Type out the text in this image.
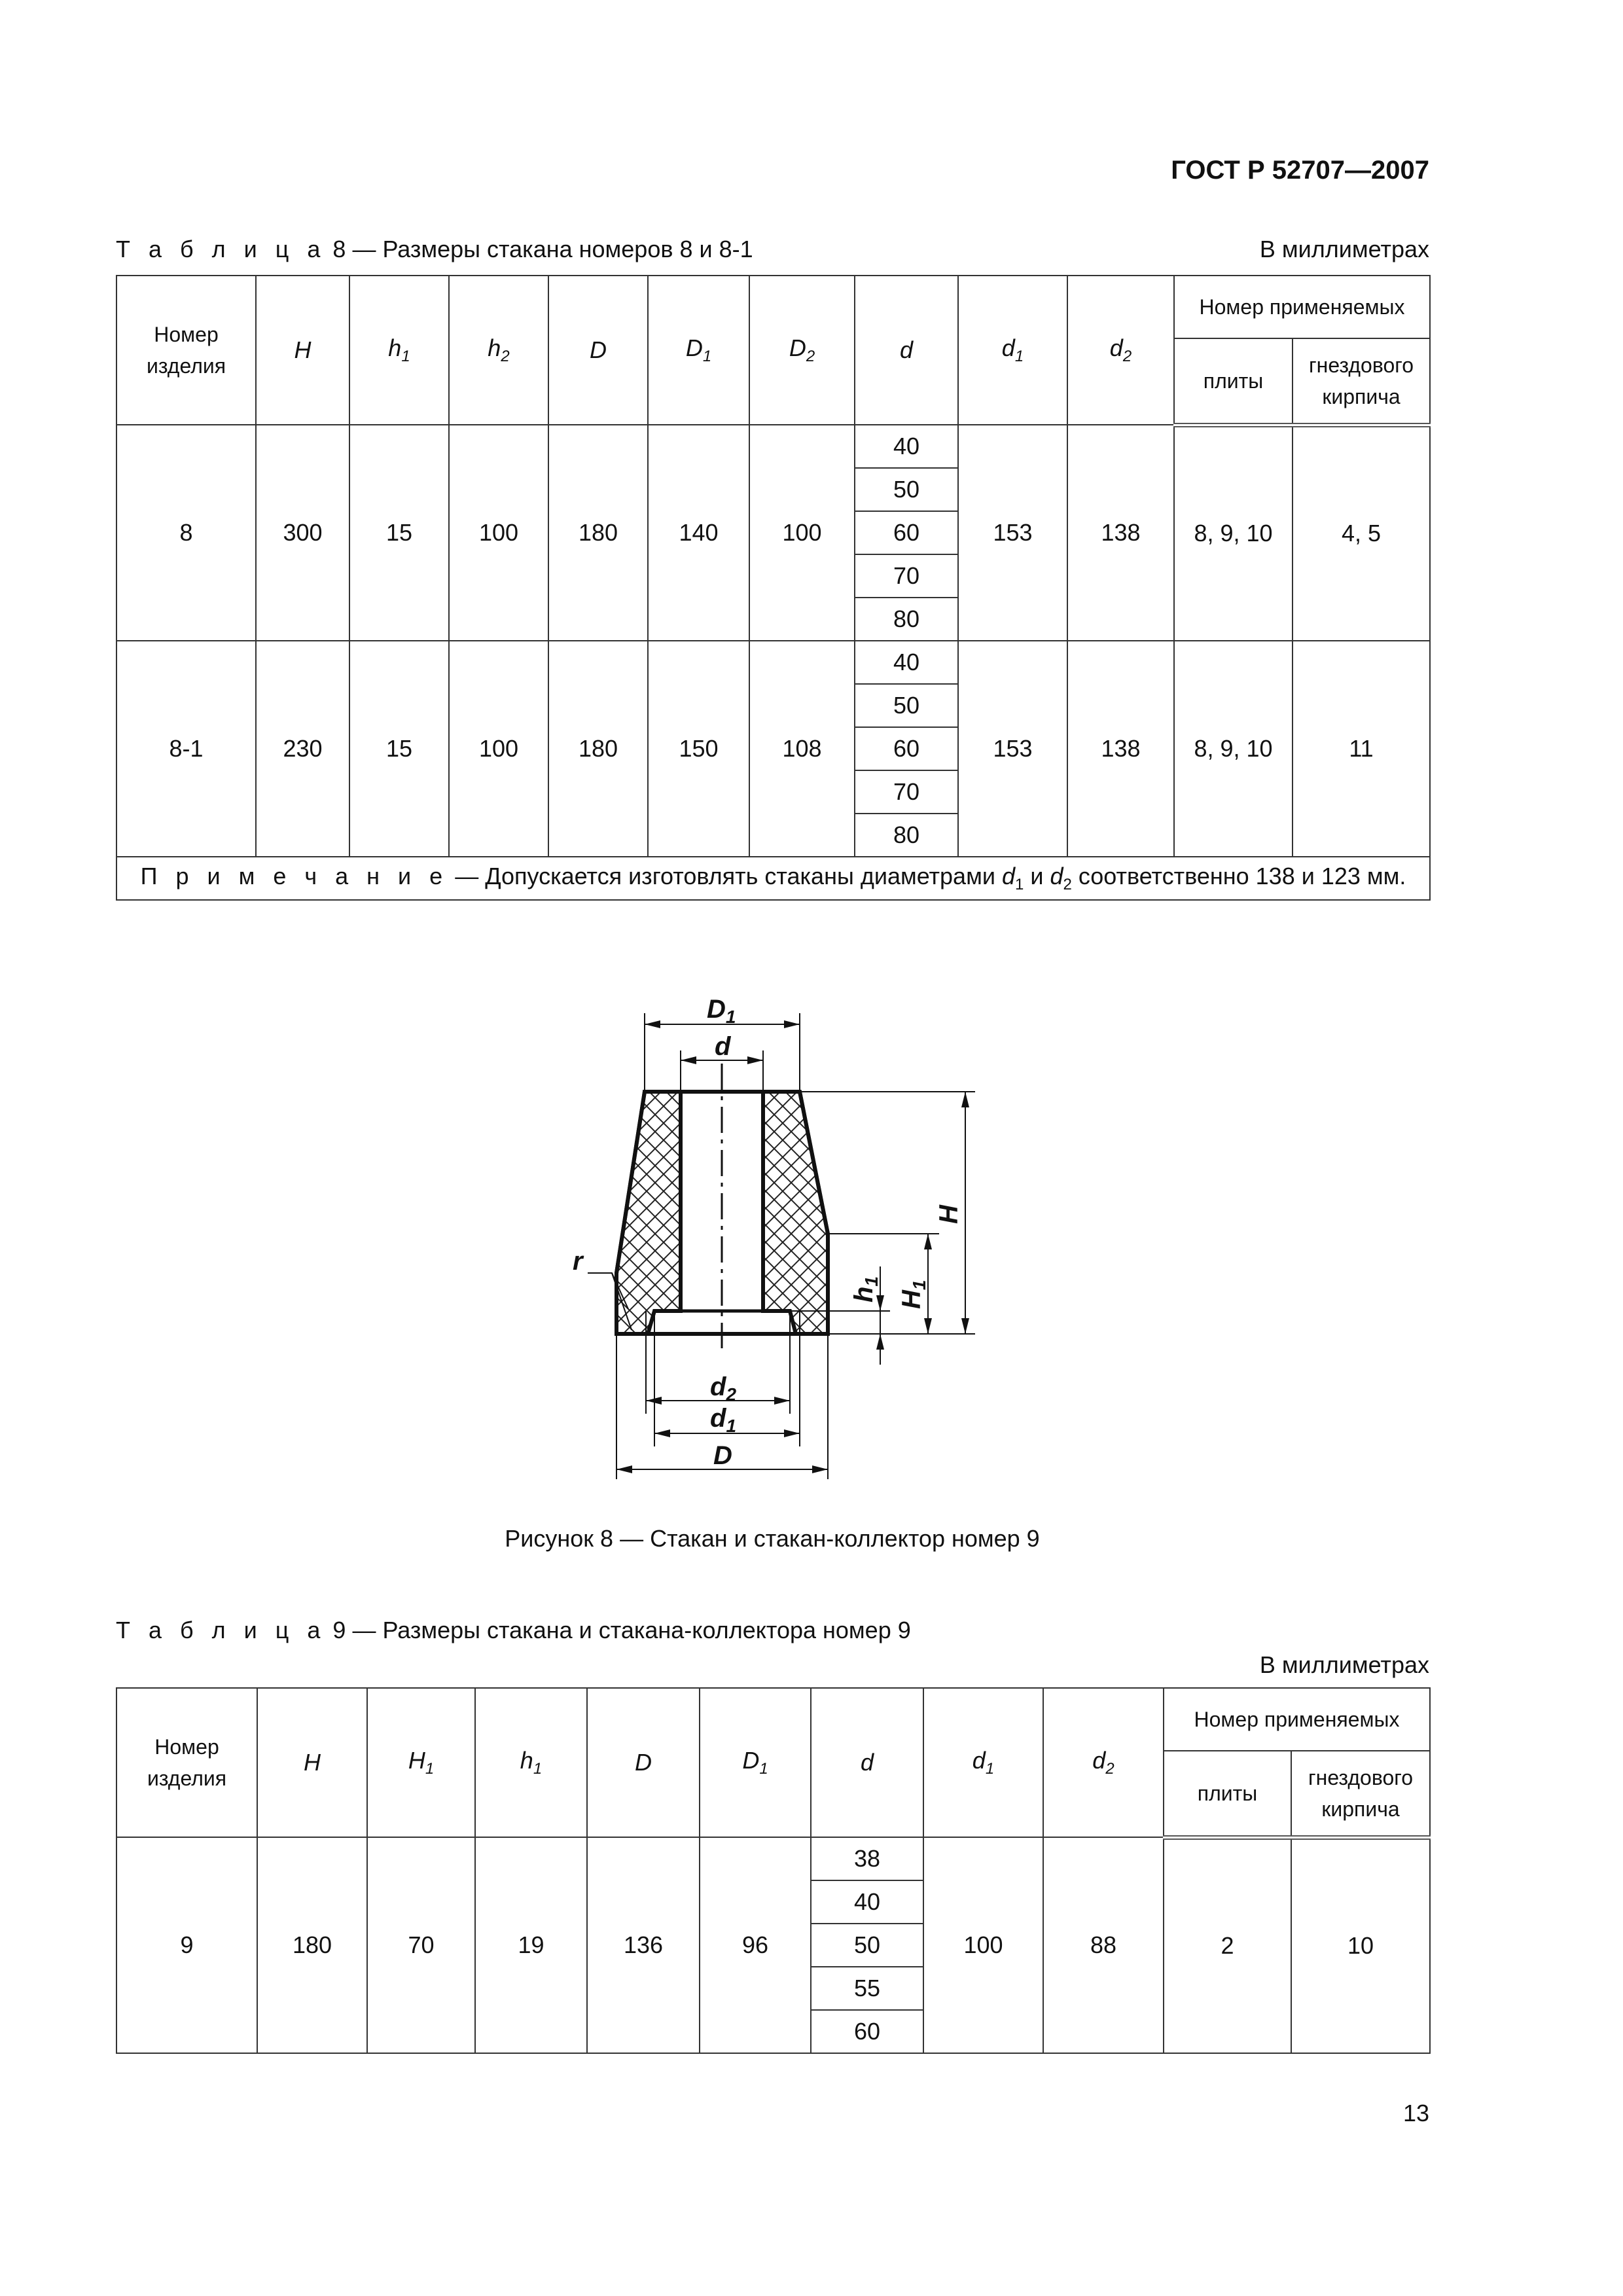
ГОСТ Р 52707—2007
Т а б л и ц а 8 — Размеры стакана номеров 8 и 8-1	В миллиметрах
Номер изделия	H	$h_1$	$h_2$	D	$D_1$	$D_2$	d	$d_1$	$d_2$	Номер применяемых	
										плиты	гнездового кирпича
8	300	15	100	180	140	100	40	153	138	8, 9, 10	4, 5
							50				
							60				
							70				
							80				
8-1	230	15	100	180	150	108	40	153	138	8, 9, 10	11
							50				
							60				
							70				
							80				
П р и м е ч а н и е — Допускается изготовлять стаканы диаметрами $d_1$ и $d_2$ соответственно 138 и 123 мм.											
$D_1$
d
$d_2$
$d_1$
D
r
H
$H_1$
$h_1$
Рисунок 8 — Стакан и стакан-коллектор номер 9
Т а б л и ц а 9 — Размеры стакана и стакана-коллектора номер 9
В миллиметрах
Номер изделия	H	$H_1$	$h_1$	D	$D_1$	d	$d_1$	$d_2$	Номер применяемых	
									плиты	гнездового кирпича
9	180	70	19	136	96	38	100	88	2	10
						40				
						50				
						55				
						60				
13
